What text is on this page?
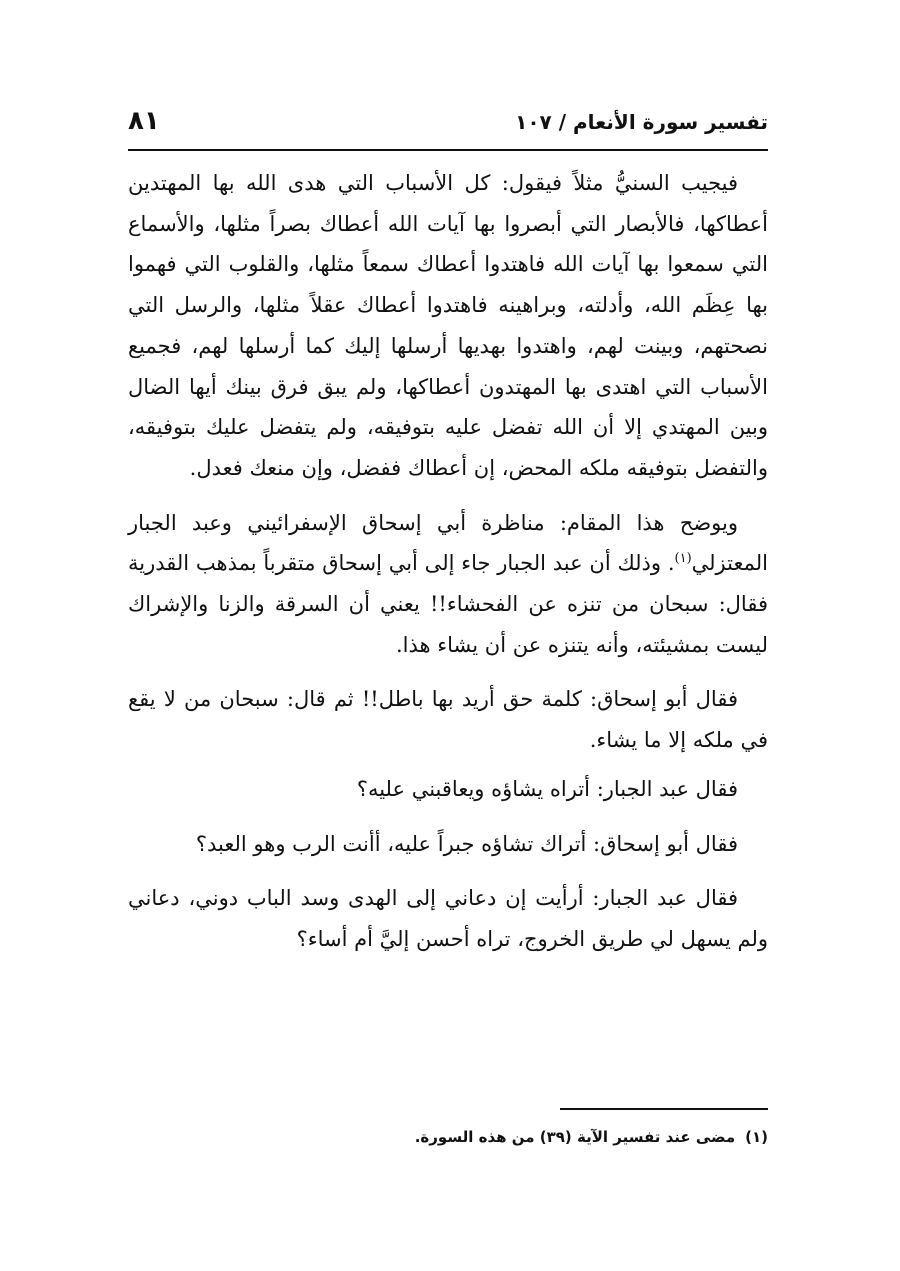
تفسير سورة الأنعام / ١٠٧
٨١

فيجيب السنيُّ مثلاً فيقول: كل الأسباب التي هدى الله بها المهتدين أعطاكها، فالأبصار التي أبصروا بها آيات الله أعطاك بصراً مثلها، والأسماع التي سمعوا بها آيات الله فاهتدوا أعطاك سمعاً مثلها، والقلوب التي فهموا بها عِظَم الله، وأدلته، وبراهينه فاهتدوا أعطاك عقلاً مثلها، والرسل التي نصحتهم، وبينت لهم، واهتدوا بهديها أرسلها إليك كما أرسلها لهم، فجميع الأسباب التي اهتدى بها المهتدون أعطاكها، ولم يبق فرق بينك أيها الضال وبين المهتدي إلا أن الله تفضل عليه بتوفيقه، ولم يتفضل عليك بتوفيقه، والتفضل بتوفيقه ملكه المحض، إن أعطاك ففضل، وإن منعك فعدل.

ويوضح هذا المقام: مناظرة أبي إسحاق الإسفرائيني وعبد الجبار المعتزلي$^{(١)}$. وذلك أن عبد الجبار جاء إلى أبي إسحاق متقرباً بمذهب القدرية فقال: سبحان من تنزه عن الفحشاء!! يعني أن السرقة والزنا والإشراك ليست بمشيئته، وأنه يتنزه عن أن يشاء هذا.

فقال أبو إسحاق: كلمة حق أريد بها باطل!! ثم قال: سبحان من لا يقع في ملكه إلا ما يشاء.

فقال عبد الجبار: أتراه يشاؤه ويعاقبني عليه؟

فقال أبو إسحاق: أتراك تشاؤه جبراً عليه، أأنت الرب وهو العبد؟

فقال عبد الجبار: أرأيت إن دعاني إلى الهدى وسد الباب دوني، دعاني ولم يسهل لي طريق الخروج، تراه أحسن إليَّ أم أساء؟

(١)مضى عند تفسير الآية (٣٩) من هذه السورة.
